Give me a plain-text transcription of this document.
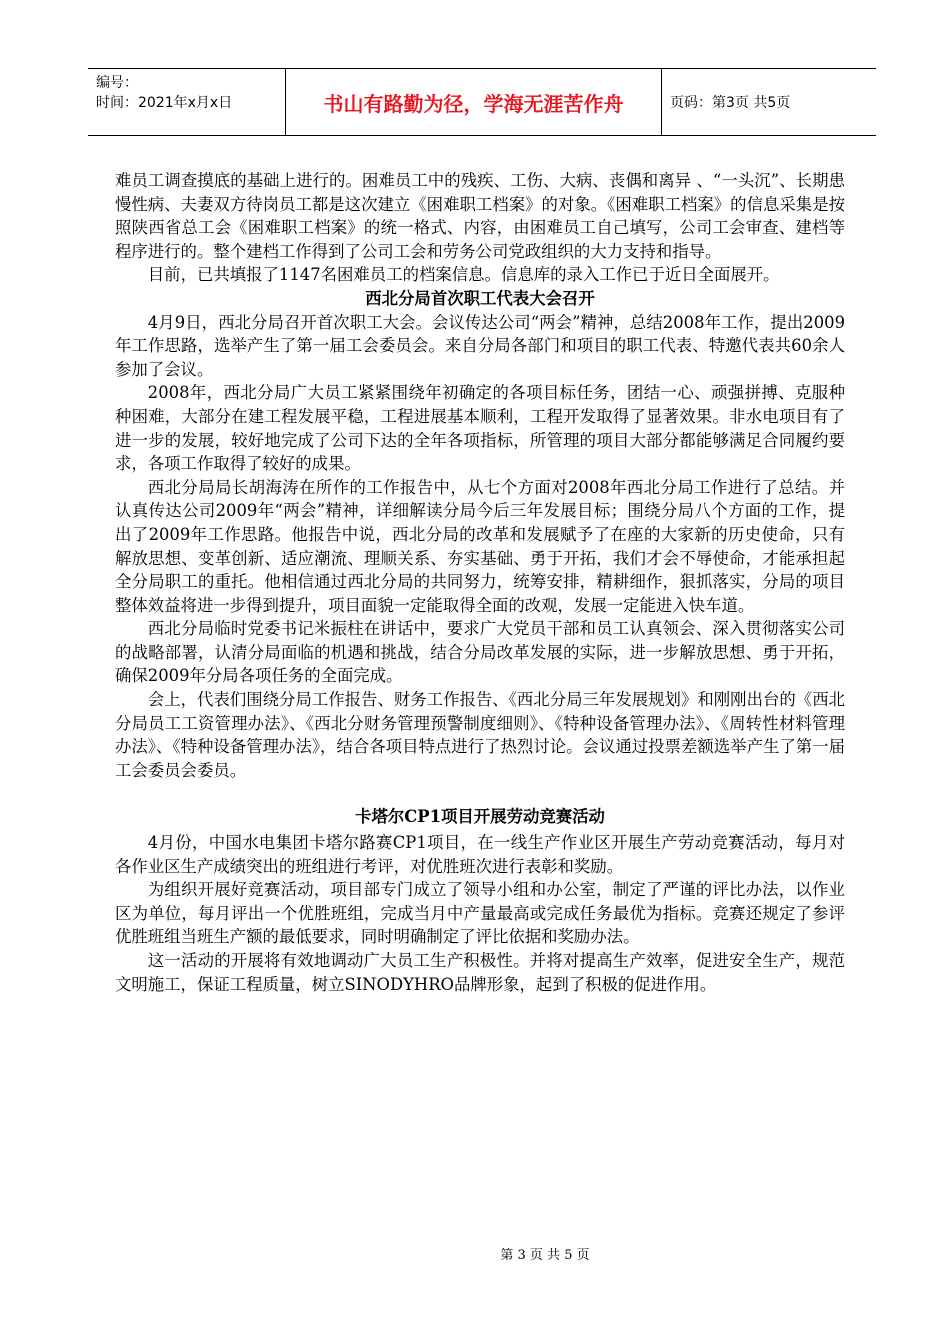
编号：
时间：2021年x月x日	书山有路勤为径，学海无涯苦作舟	页码：第3页 共5页

难员工调查摸底的基础上进行的。困难员工中的残疾、工伤、大病、丧偶和离异 、“一头沉”、长期患慢性病、夫妻双方待岗员工都是这次建立《困难职工档案》的对象。《困难职工档案》的信息采集是按照陕西省总工会《困难职工档案》的统一格式、内容，由困难员工自己填写，公司工会审查、建档等程序进行的。整个建档工作得到了公司工会和劳务公司党政组织的大力支持和指导。

目前，已共填报了1147名困难员工的档案信息。信息库的录入工作已于近日全面展开。

西北分局首次职工代表大会召开

4月9日，西北分局召开首次职工大会。会议传达公司“两会”精神，总结2008年工作，提出2009年工作思路，选举产生了第一届工会委员会。来自分局各部门和项目的职工代表、特邀代表共60余人参加了会议。

2008年，西北分局广大员工紧紧围绕年初确定的各项目标任务，团结一心、顽强拼搏、克服种种困难，大部分在建工程发展平稳，工程进展基本顺利，工程开发取得了显著效果。非水电项目有了进一步的发展，较好地完成了公司下达的全年各项指标，所管理的项目大部分都能够满足合同履约要求，各项工作取得了较好的成果。

西北分局局长胡海涛在所作的工作报告中，从七个方面对2008年西北分局工作进行了总结。并认真传达公司2009年“两会”精神，详细解读分局今后三年发展目标；围绕分局八个方面的工作，提出了2009年工作思路。他报告中说，西北分局的改革和发展赋予了在座的大家新的历史使命，只有解放思想、变革创新、适应潮流、理顺关系、夯实基础、勇于开拓，我们才会不辱使命，才能承担起全分局职工的重托。他相信通过西北分局的共同努力，统筹安排，精耕细作，狠抓落实，分局的项目整体效益将进一步得到提升，项目面貌一定能取得全面的改观，发展一定能进入快车道。

西北分局临时党委书记米振柱在讲话中，要求广大党员干部和员工认真领会、深入贯彻落实公司的战略部署，认清分局面临的机遇和挑战，结合分局改革发展的实际，进一步解放思想、勇于开拓，确保2009年分局各项任务的全面完成。

会上，代表们围绕分局工作报告、财务工作报告、《西北分局三年发展规划》和刚刚出台的《西北分局员工工资管理办法》、《西北分财务管理预警制度细则》、《特种设备管理办法》、《周转性材料管理办法》、《特种设备管理办法》，结合各项目特点进行了热烈讨论。会议通过投票差额选举产生了第一届工会委员会委员。

卡塔尔CP1项目开展劳动竞赛活动

4月份，中国水电集团卡塔尔路赛CP1项目，在一线生产作业区开展生产劳动竞赛活动，每月对各作业区生产成绩突出的班组进行考评，对优胜班次进行表彰和奖励。

为组织开展好竞赛活动，项目部专门成立了领导小组和办公室，制定了严谨的评比办法，以作业区为单位，每月评出一个优胜班组，完成当月中产量最高或完成任务最优为指标。竞赛还规定了参评优胜班组当班生产额的最低要求，同时明确制定了评比依据和奖励办法。

这一活动的开展将有效地调动广大员工生产积极性。并将对提高生产效率，促进安全生产，规范文明施工，保证工程质量，树立SINODYHRO品牌形象，起到了积极的促进作用。

第 3 页 共 5 页
